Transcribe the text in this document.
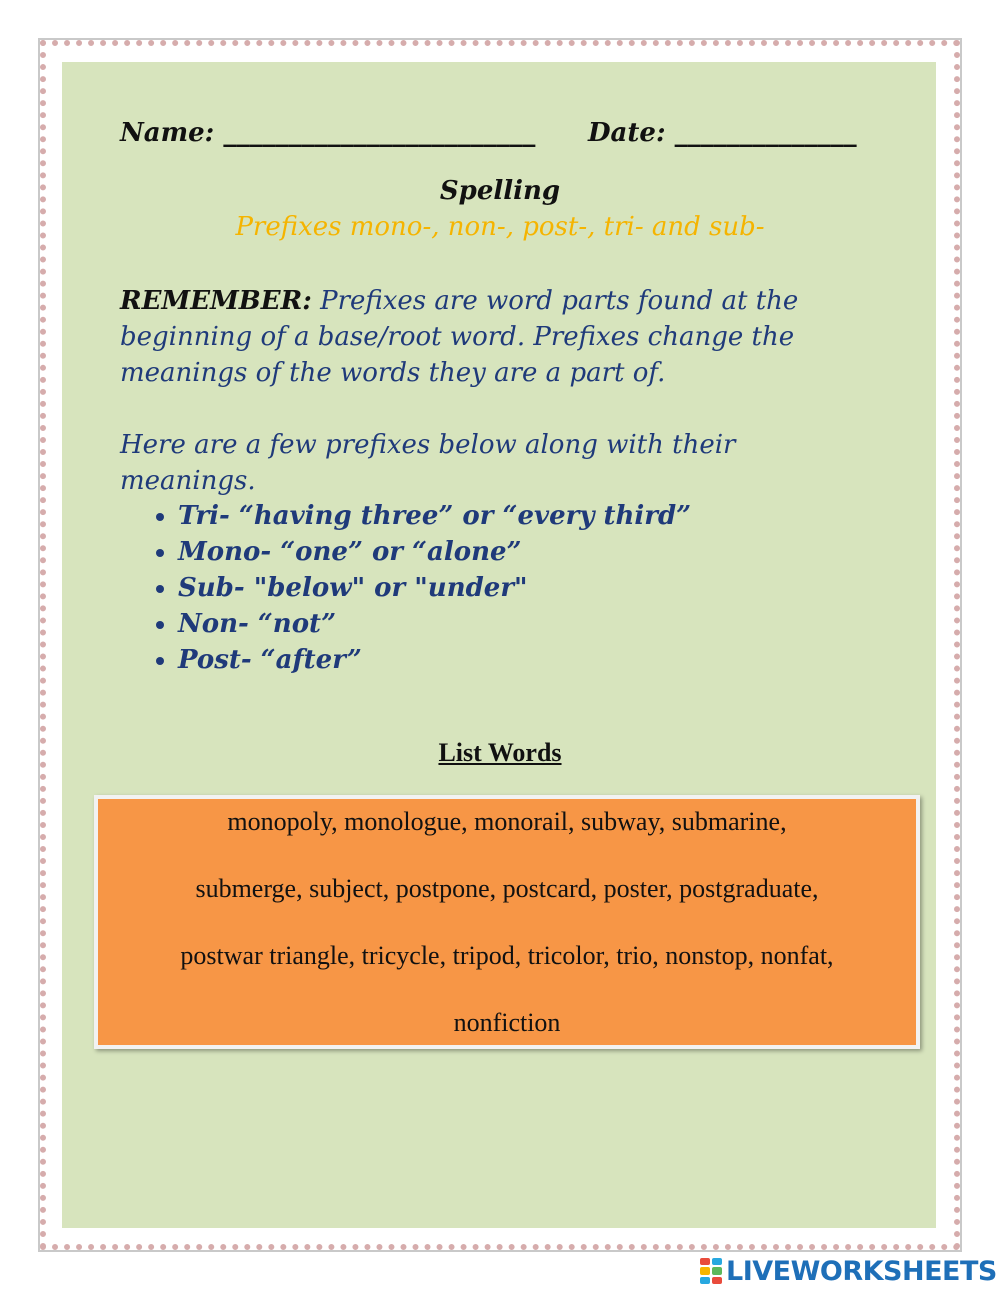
Name: ________________________ Date: ______________
Spelling
Prefixes mono-, non-, post-, tri- and sub-
REMEMBER: Prefixes are word parts found at the
beginning of a base/root word. Prefixes change the
meanings of the words they are a part of.
Here are a few prefixes below along with their
meanings.
• Tri- “having three” or “every third”
• Mono- “one” or “alone”
• Sub- "below" or "under"
• Non- “not”
• Post- “after”
List Words
monopoly, monologue, monorail, subway, submarine,
submerge, subject, postpone, postcard, poster, postgraduate,
postwar triangle, tricycle, tripod, tricolor, trio, nonstop, nonfat,
nonfiction
LIVEWORKSHEETS
